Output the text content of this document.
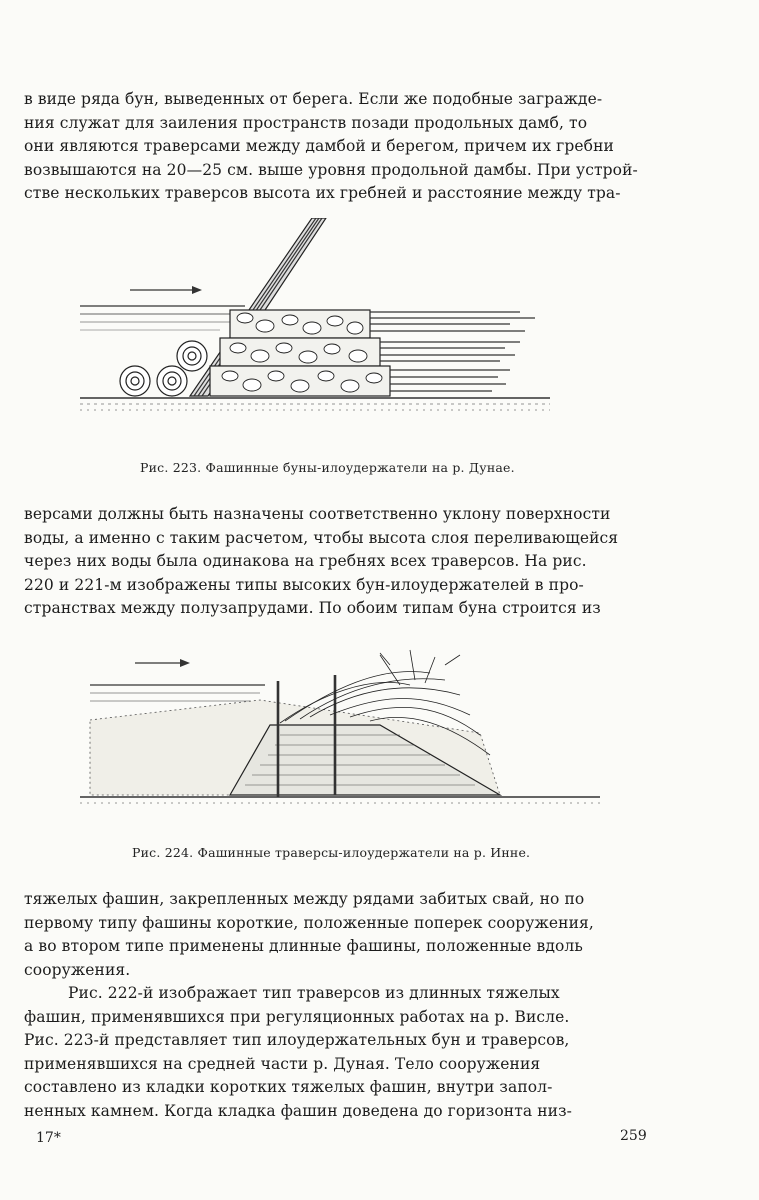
в виде ряда бун, выведенных от берега. Если же подобные загражде-

ния служат для заиления пространств позади продольных дамб, то

они являются траверсами между дамбой и берегом, причем их гребни

возвышаются на 20—25 см. выше уровня продольной дамбы. При устрой-

стве нескольких траверсов высота их гребней и расстояние между тра-

Рис. 223. Фашинные буны-илоудержатели на р. Дунае.

версами должны быть назначены соответственно уклону поверхности

воды, а именно с таким расчетом, чтобы высота слоя переливающейся

через них воды была одинакова на гребнях всех траверсов. На рис.

220 и 221-м изображены типы высоких бун-илоудержателей в про-

странствах между полузапрудами. По обоим типам буна строится из

Рис. 224. Фашинные траверсы-илоудержатели на р. Инне.

тяжелых фашин, закрепленных между рядами забитых свай, но по

первому типу фашины короткие, положенные поперек сооружения,

а во втором типе применены длинные фашины, положенные вдоль

сооружения.

Рис. 222-й изображает тип траверсов из длинных тяжелых

фашин, применявшихся при регуляционных работах на р. Висле.

Рис. 223-й представляет тип илоудержательных бун и траверсов,

применявшихся на средней части р. Дуная. Тело сооружения

составлено из кладки коротких тяжелых фашин, внутри запол-

ненных камнем. Когда кладка фашин доведена до горизонта низ-

17*	259
